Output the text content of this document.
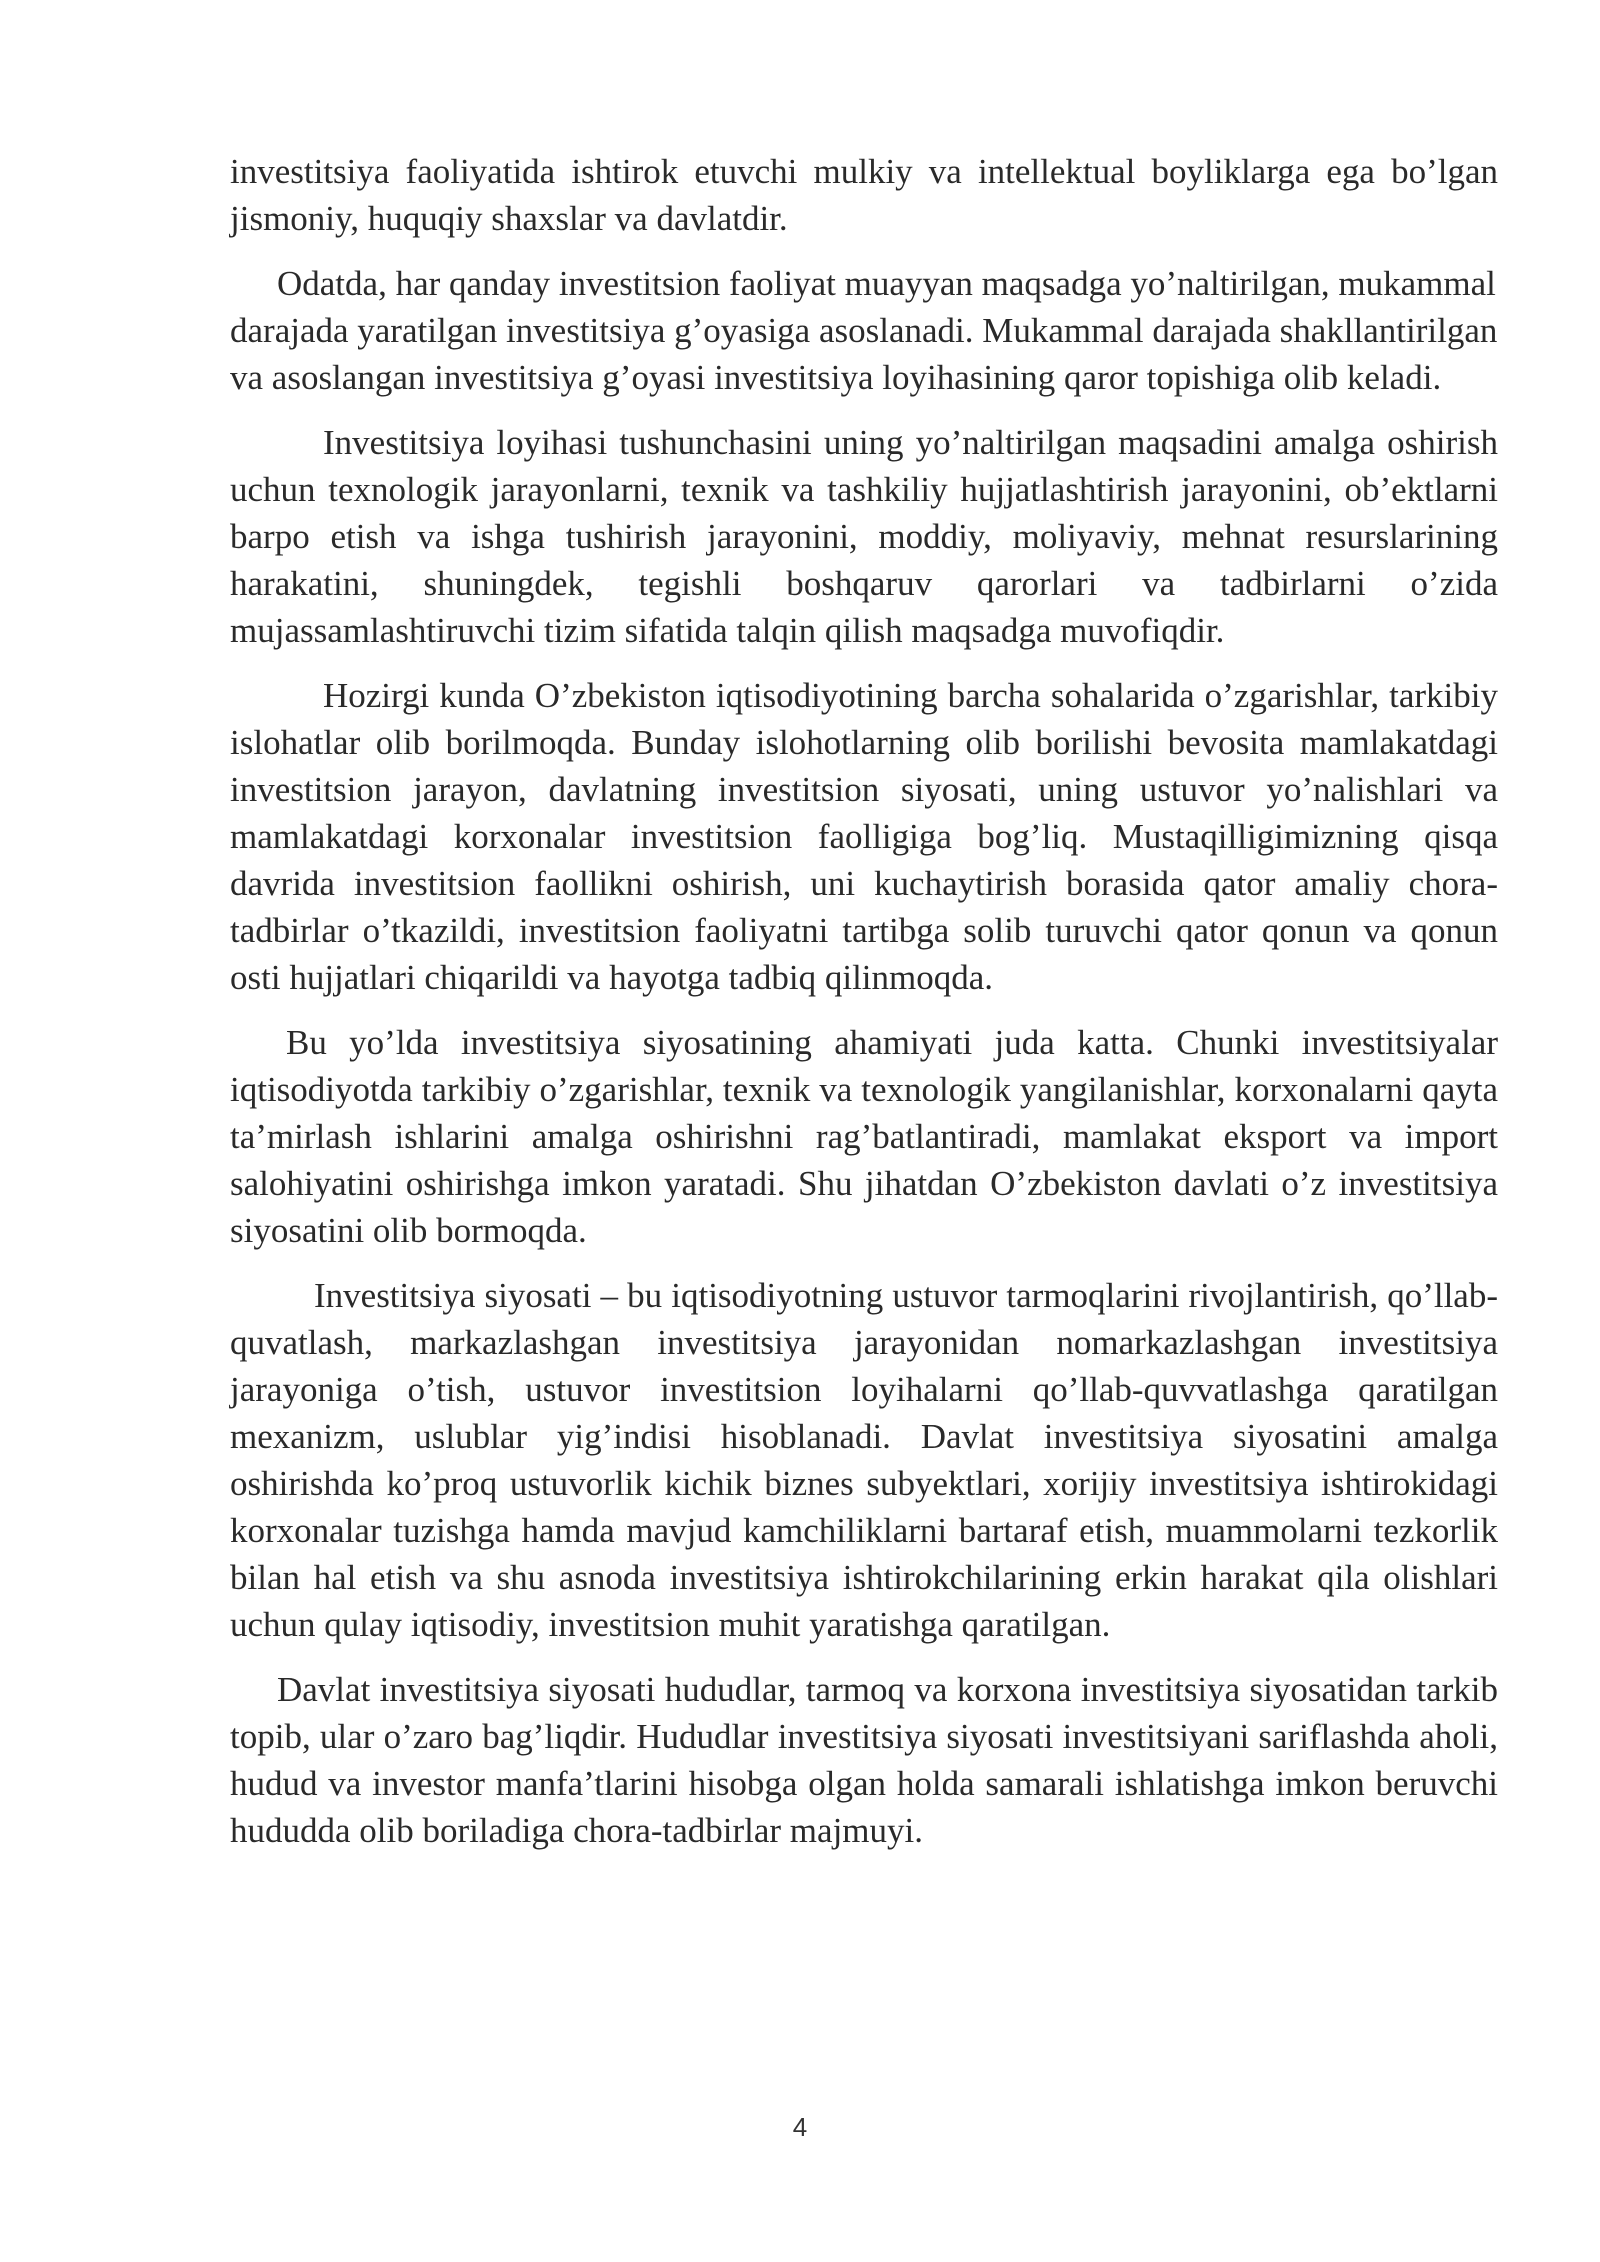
investitsiya faoliyatida ishtirok etuvchi mulkiy va intellektual boyliklarga ega bo’lgan jismoniy, huquqiy shaxslar va davlatdir.

Odatda, har qanday investitsion faoliyat muayyan maqsadga yo’naltirilgan, mukammal darajada yaratilgan investitsiya g’oyasiga asoslanadi. Mukammal darajada shakllantirilgan va asoslangan investitsiya g’oyasi investitsiya loyihasining qaror topishiga olib keladi.

Investitsiya loyihasi tushunchasini uning yo’naltirilgan maqsadini amalga oshirish uchun texnologik jarayonlarni, texnik va tashkiliy hujjatlashtirish jarayonini, ob’ektlarni barpo etish va ishga tushirish jarayonini, moddiy, moliyaviy, mehnat resurslarining harakatini, shuningdek, tegishli boshqaruv qarorlari va tadbirlarni o’zida mujassamlashtiruvchi tizim sifatida talqin qilish maqsadga muvofiqdir.

Hozirgi kunda O’zbekiston iqtisodiyotining barcha sohalarida o’zgarishlar, tarkibiy islohatlar olib borilmoqda. Bunday islohotlarning olib borilishi bevosita mamlakatdagi investitsion jarayon, davlatning investitsion siyosati, uning ustuvor yo’nalishlari va mamlakatdagi korxonalar investitsion faolligiga bog’liq. Mustaqilligimizning qisqa davrida investitsion faollikni oshirish, uni kuchaytirish borasida qator amaliy chora-tadbirlar o’tkazildi, investitsion faoliyatni tartibga solib turuvchi qator qonun va qonun osti hujjatlari chiqarildi va hayotga tadbiq qilinmoqda.

Bu yo’ldа investitsiya siyosatining ahamiyati juda katta. Chunki investitsiyalar iqtisodiyotda tarkibiy o’zgarishlar, texnik va texnologik yangilanishlar, korxonalarni qayta ta’mirlash ishlarini amalga oshirishni rag’batlantiradi, mamlakat eksport va import salohiyatini oshirishga imkon yaratadi. Shu jihatdan O’zbekiston davlati o’z investitsiya siyosatini olib bormoqda.

Investitsiya siyosati – bu iqtisodiyotning ustuvor tarmoqlarini rivojlantirish, qo’llab-quvatlash, markazlashgan investitsiya jarayonidan nomarkazlashgan investitsiya jarayoniga o’tish, ustuvor investitsion loyihalarni qo’llab-quvvatlashga qaratilgan mexanizm, uslublar yig’indisi hisoblanadi. Davlat investitsiya siyosatini amalga oshirishda ko’proq ustuvorlik kichik biznes subyektlari, xorijiy investitsiya ishtirokidagi korxonalar tuzishga hamda mavjud kamchiliklarni bartaraf etish, muammolarni tezkorlik bilan hal etish va shu asnoda investitsiya ishtirokchilarining erkin harakat qila olishlari uchun qulay iqtisodiy, investitsion muhit yaratishga qaratilgan.

Davlat investitsiya siyosati hududlar, tarmoq va korxona investitsiya siyosatidan tarkib topib, ular o’zaro bag’liqdir. Hududlar investitsiya siyosati investitsiyani sariflashda aholi, hudud va investor manfa’tlarini hisobga olgan holda samarali ishlatishga imkon beruvchi hududda olib boriladiga chora-tadbirlar majmuyi.

4
